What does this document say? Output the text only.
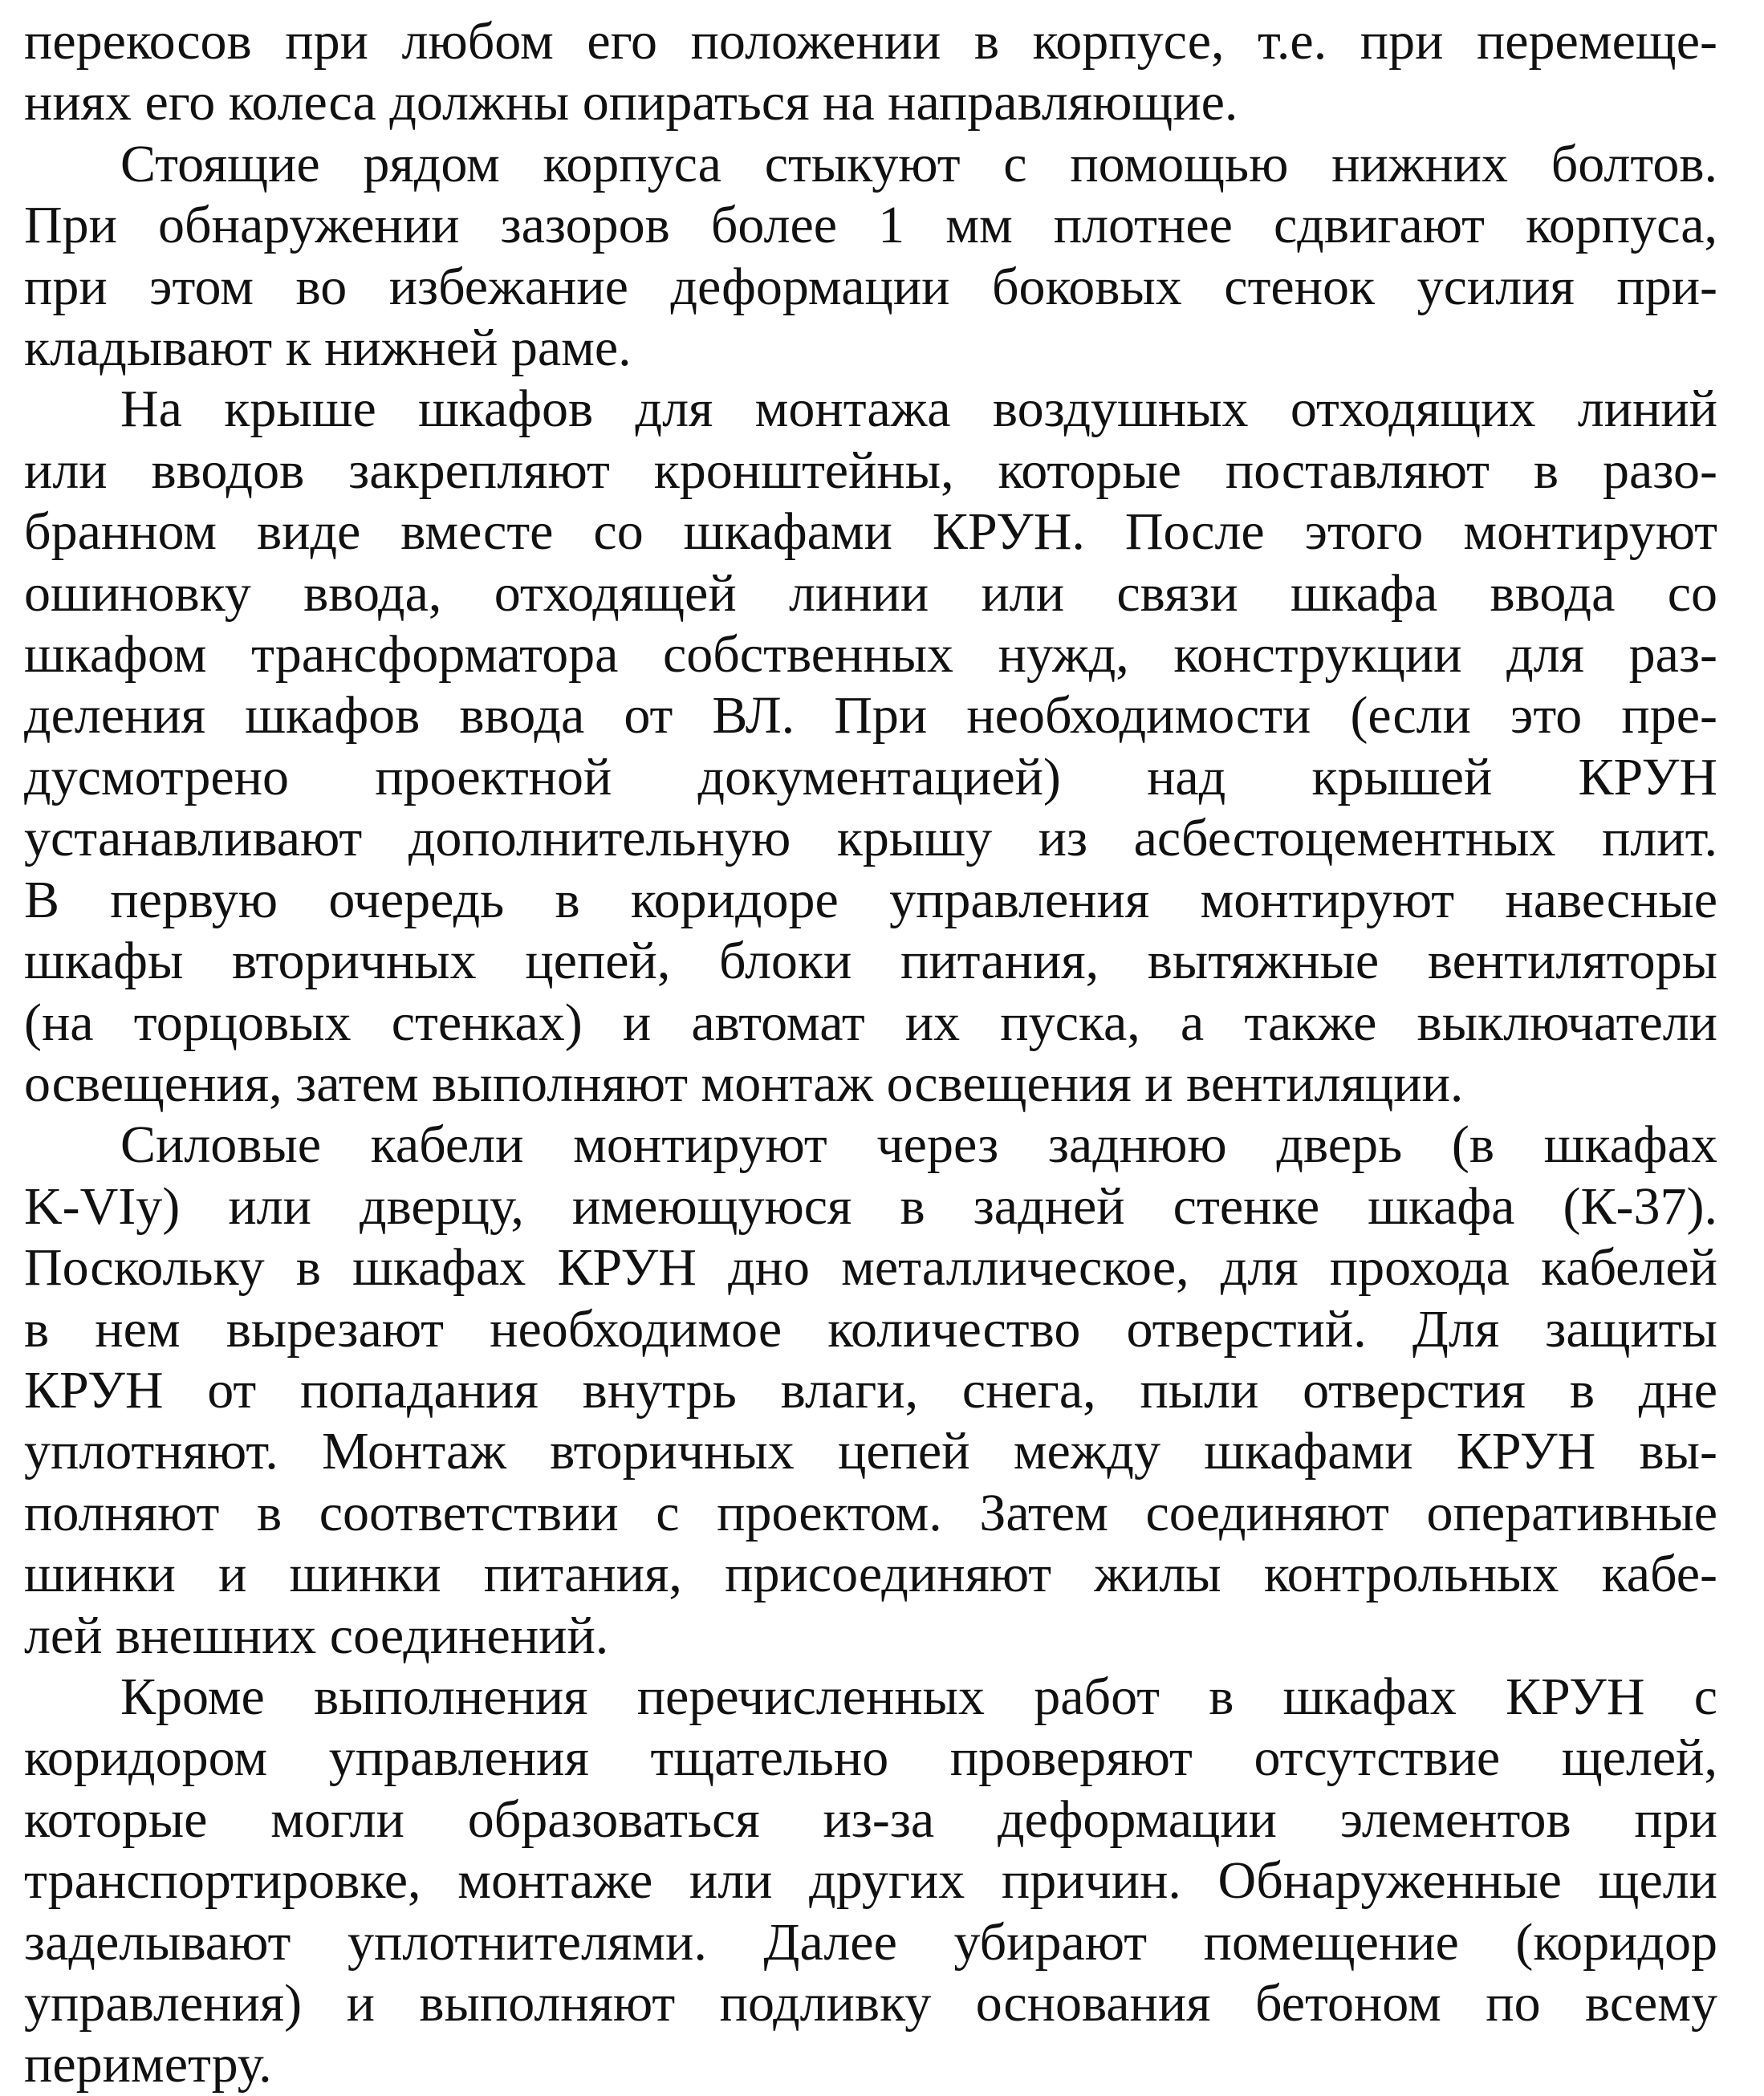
перекосов при любом его положении в корпусе, т.е. при перемеще-
ниях его колеса должны опираться на направляющие.
Стоящие рядом корпуса стыкуют с помощью нижних болтов.
При обнаружении зазоров более 1 мм плотнее сдвигают корпуса,
при этом во избежание деформации боковых стенок усилия при-
кладывают к нижней раме.
На крыше шкафов для монтажа воздушных отходящих линий
или вводов закрепляют кронштейны, которые поставляют в разо-
бранном виде вместе со шкафами КРУН. После этого монтируют
ошиновку ввода, отходящей линии или связи шкафа ввода со
шкафом трансформатора собственных нужд, конструкции для раз-
деления шкафов ввода от ВЛ. При необходимости (если это пре-
дусмотрено проектной документацией) над крышей КРУН
устанавливают дополнительную крышу из асбестоцементных плит.
В первую очередь в коридоре управления монтируют навесные
шкафы вторичных цепей, блоки питания, вытяжные вентиляторы
(на торцовых стенках) и автомат их пуска, а также выключатели
освещения, затем выполняют монтаж освещения и вентиляции.
Силовые кабели монтируют через заднюю дверь (в шкафах
K-VIу) или дверцу, имеющуюся в задней стенке шкафа (К-37).
Поскольку в шкафах КРУН дно металлическое, для прохода кабелей
в нем вырезают необходимое количество отверстий. Для защиты
КРУН от попадания внутрь влаги, снега, пыли отверстия в дне
уплотняют. Монтаж вторичных цепей между шкафами КРУН вы-
полняют в соответствии с проектом. Затем соединяют оперативные
шинки и шинки питания, присоединяют жилы контрольных кабе-
лей внешних соединений.
Кроме выполнения перечисленных работ в шкафах КРУН с
коридором управления тщательно проверяют отсутствие щелей,
которые могли образоваться из-за деформации элементов при
транспортировке, монтаже или других причин. Обнаруженные щели
заделывают уплотнителями. Далее убирают помещение (коридор
управления) и выполняют подливку основания бетоном по всему
периметру.
